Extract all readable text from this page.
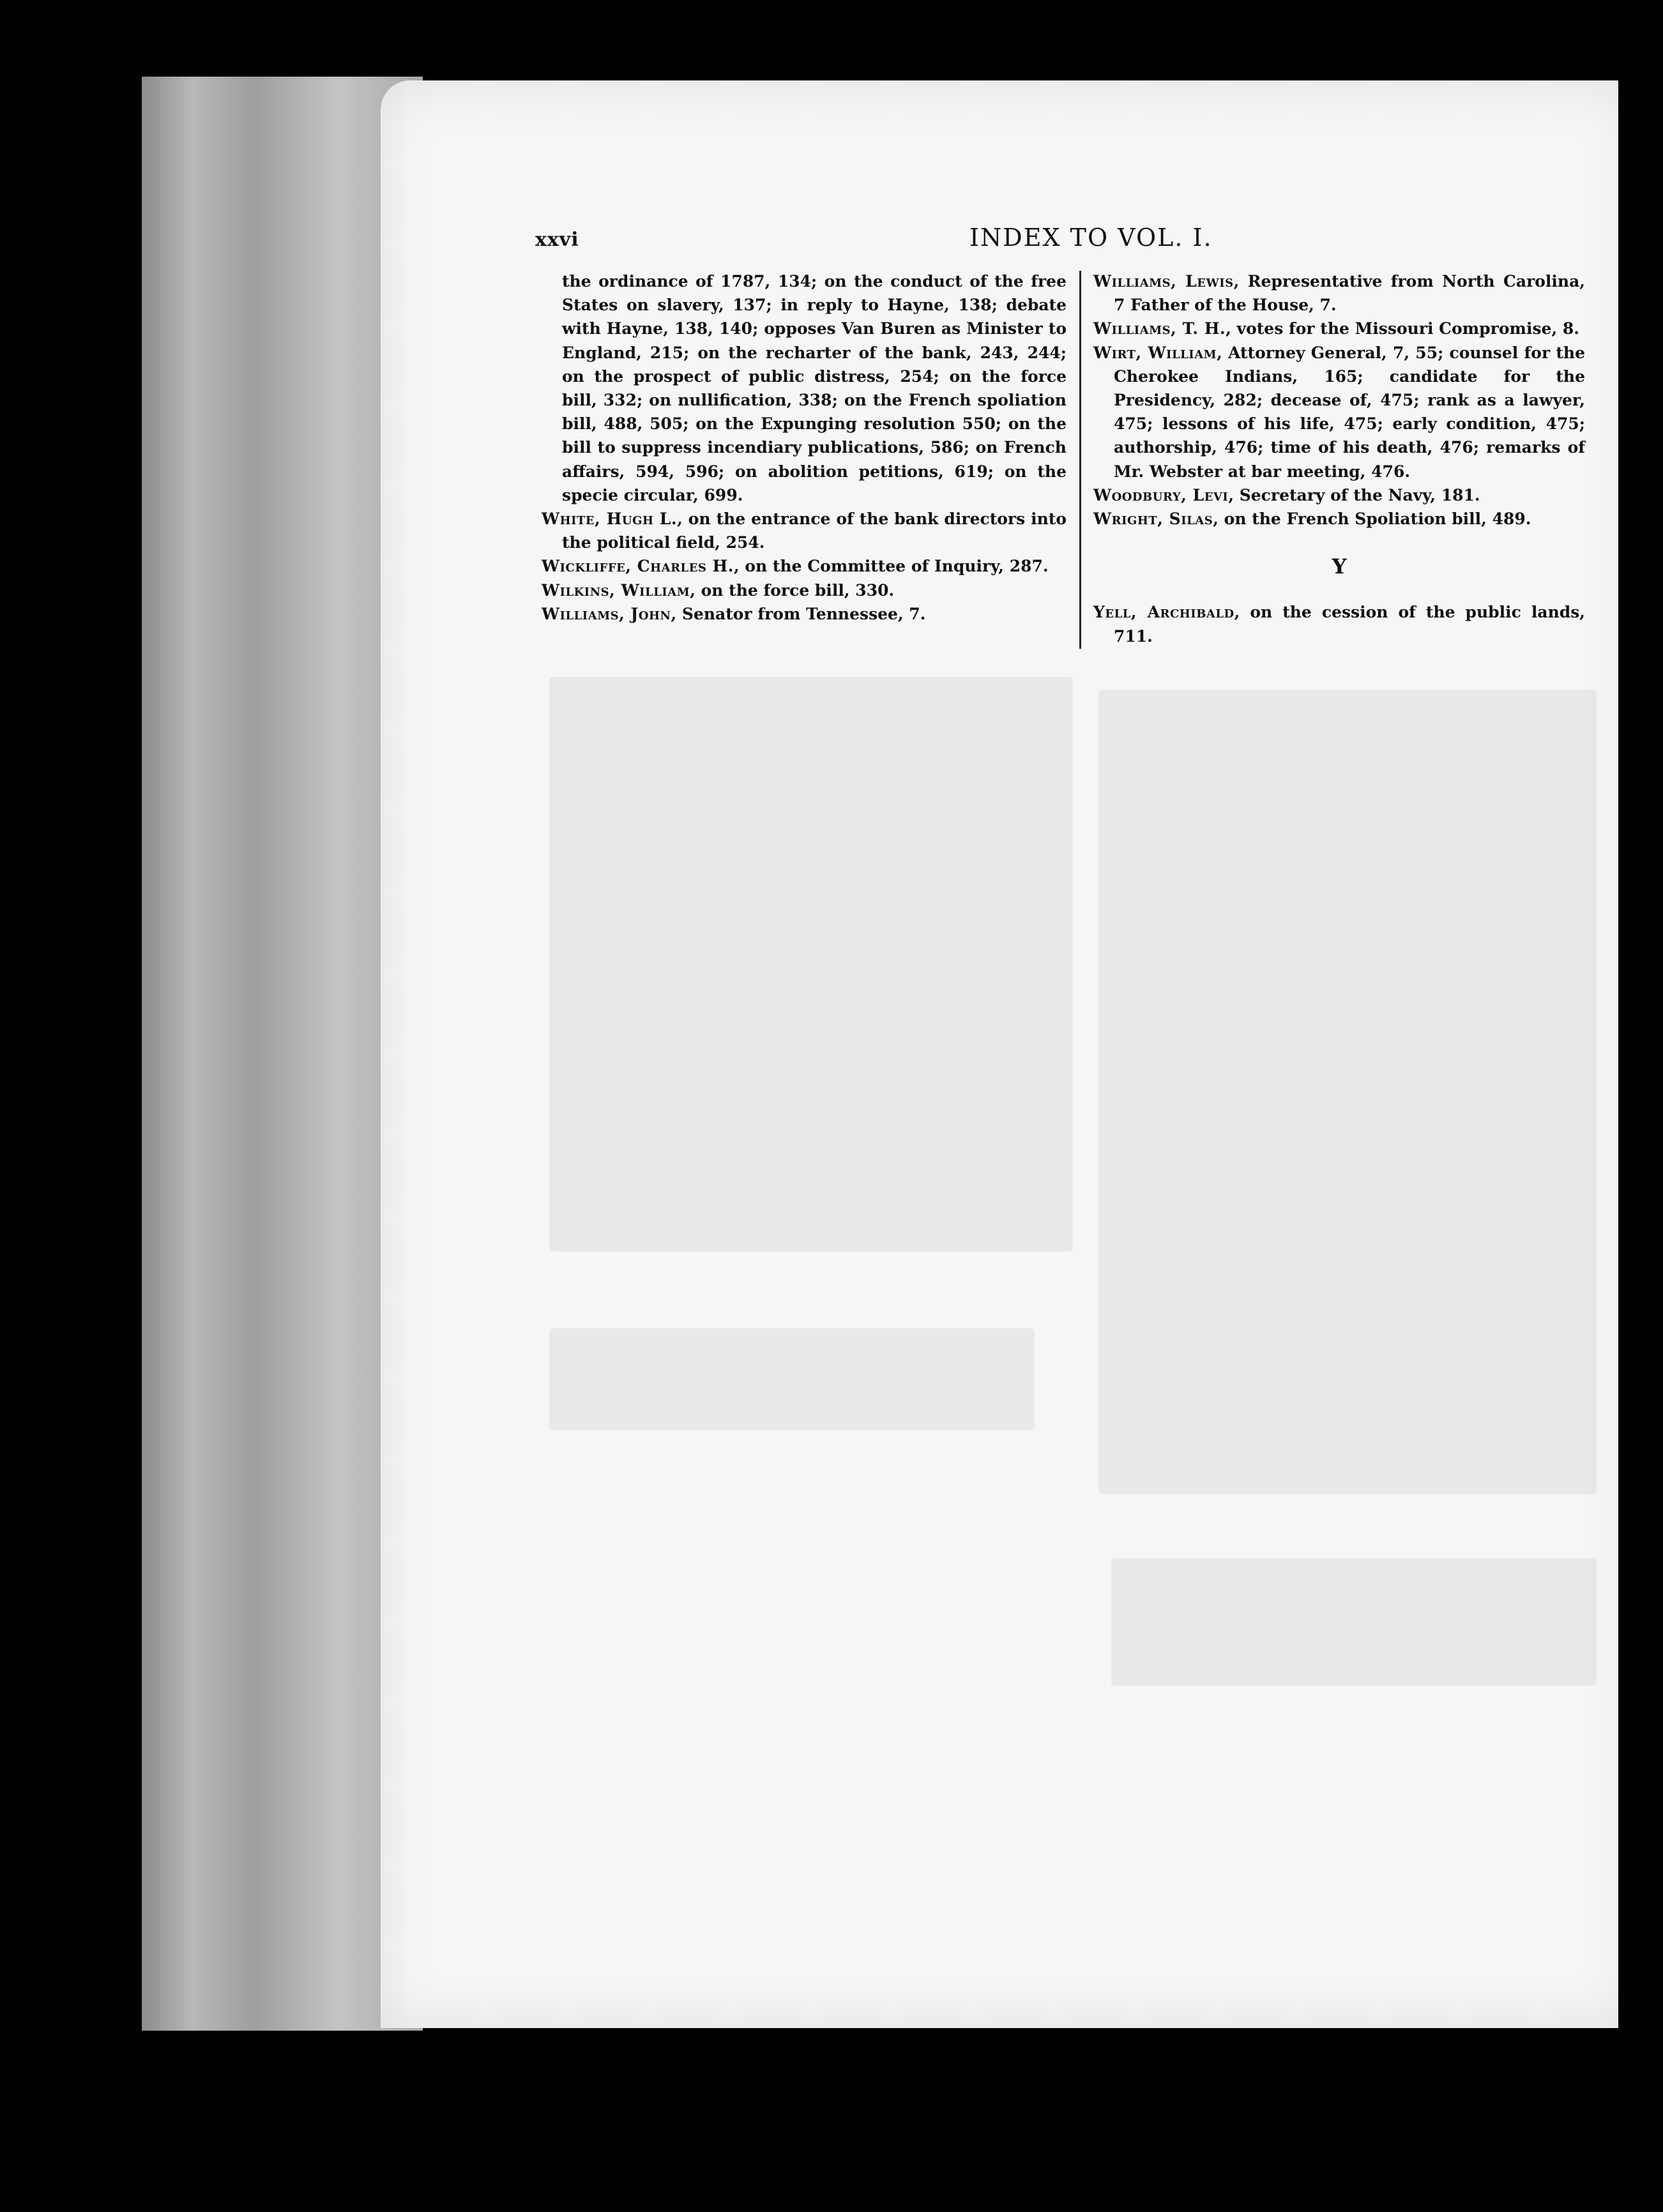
xxvi	INDEX TO VOL. I.

the ordinance of 1787, 134; on the conduct of the free States on slavery, 137; in reply to Hayne, 138; debate with Hayne, 138, 140; opposes Van Buren as Minister to England, 215; on the recharter of the bank, 243, 244; on the prospect of public distress, 254; on the force bill, 332; on nullification, 338; on the French spoliation bill, 488, 505; on the Expunging resolution 550; on the bill to suppress incendiary publications, 586; on French affairs, 594, 596; on abolition petitions, 619; on the specie circular, 699.

White, Hugh L., on the entrance of the bank directors into the political field, 254.

Wickliffe, Charles H., on the Committee of Inquiry, 287.

Wilkins, William, on the force bill, 330.

Williams, John, Senator from Tennessee, 7.

Williams, Lewis, Representative from North Carolina, 7 Father of the House, 7.

Williams, T. H., votes for the Missouri Compromise, 8.

Wirt, William, Attorney General, 7, 55; counsel for the Cherokee Indians, 165; candidate for the Presidency, 282; decease of, 475; rank as a lawyer, 475; lessons of his life, 475; early condition, 475; authorship, 476; time of his death, 476; remarks of Mr. Webster at bar meeting, 476.

Woodbury, Levi, Secretary of the Navy, 181.

Wright, Silas, on the French Spoliation bill, 489.

Y

Yell, Archibald, on the cession of the public lands, 711.
